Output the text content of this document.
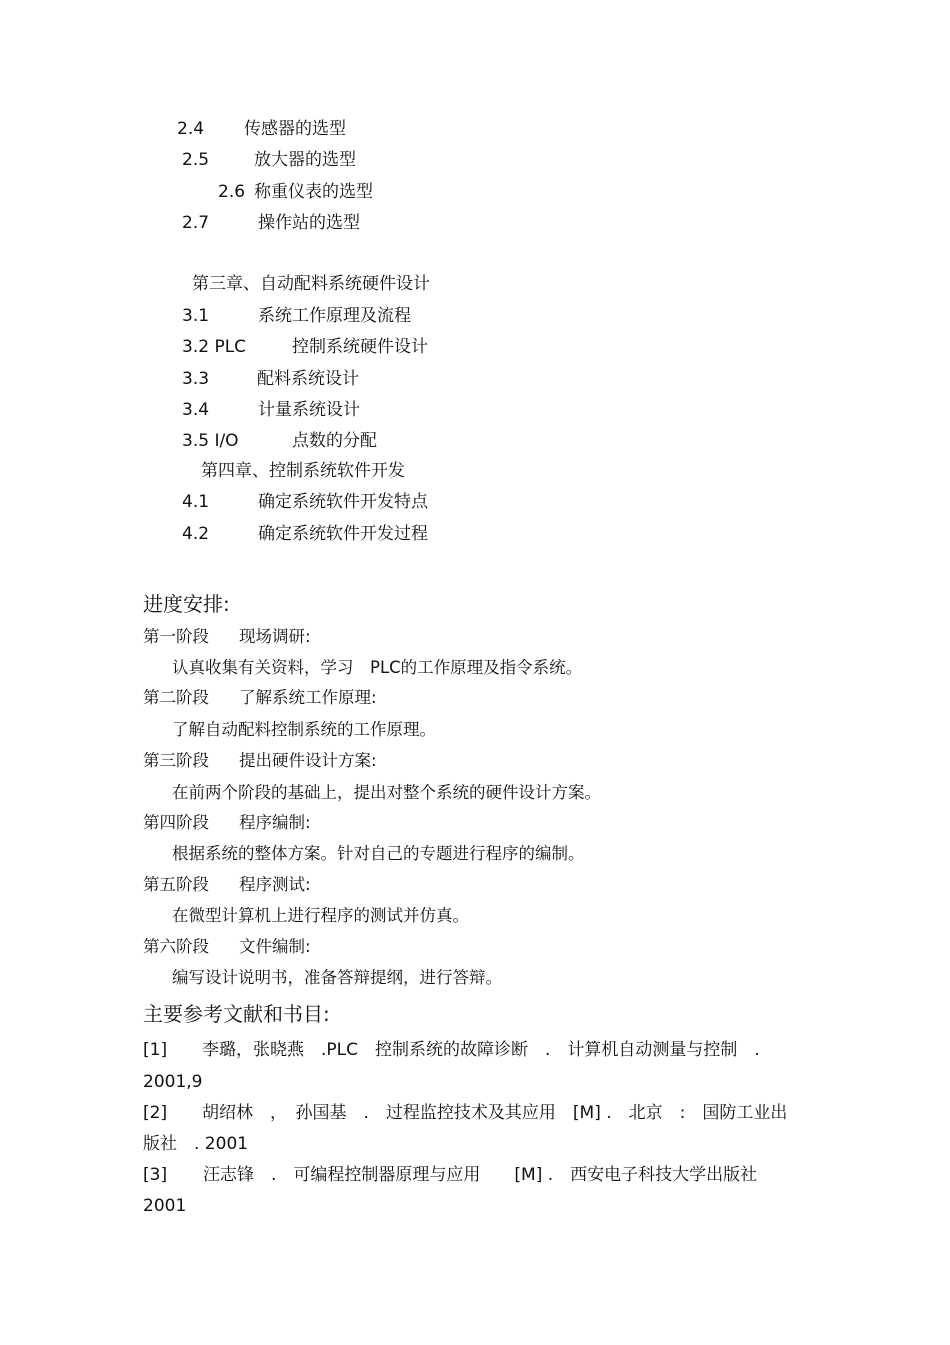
2.4 传感器的选型
2.5	放大器的选型
2.6 称重仪表的选型
2.7	操作站的选型
第三章、自动配料系统硬件设计
3.1	系统工作原理及流程
3.2 PLC	控制系统硬件设计
3.3	配料系统设计
3.4	计量系统设计
3.5 I/O	点数的分配
第四章、控制系统软件开发
4.1	确定系统软件开发特点
4.2	确定系统软件开发过程
进度安排:
第一阶段 现场调研:
认真收集有关资料，学习　PLC的工作原理及指令系统。
第二阶段 了解系统工作原理:
了解自动配料控制系统的工作原理。
第三阶段 提出硬件设计方案:
在前两个阶段的基础上，提出对整个系统的硬件设计方案。
第四阶段 程序编制:
根据系统的整体方案。针对自己的专题进行程序的编制。
第五阶段 程序测试:
在微型计算机上进行程序的测试并仿真。
第六阶段 文件编制:
编写设计说明书，准备答辩提纲，进行答辩。
主要参考文献和书目:
[1] 李璐，张晓燕　.PLC　控制系统的故障诊断　.　计算机自动测量与控制　.
2001,9
[2] 胡绍林　，　孙国基　.　过程监控技术及其应用　[M] .　北京　:　国防工业出
版社　. 2001
[3] 汪志锋　.　可编程控制器原理与应用　　[M] .　西安电子科技大学出版社
2001
